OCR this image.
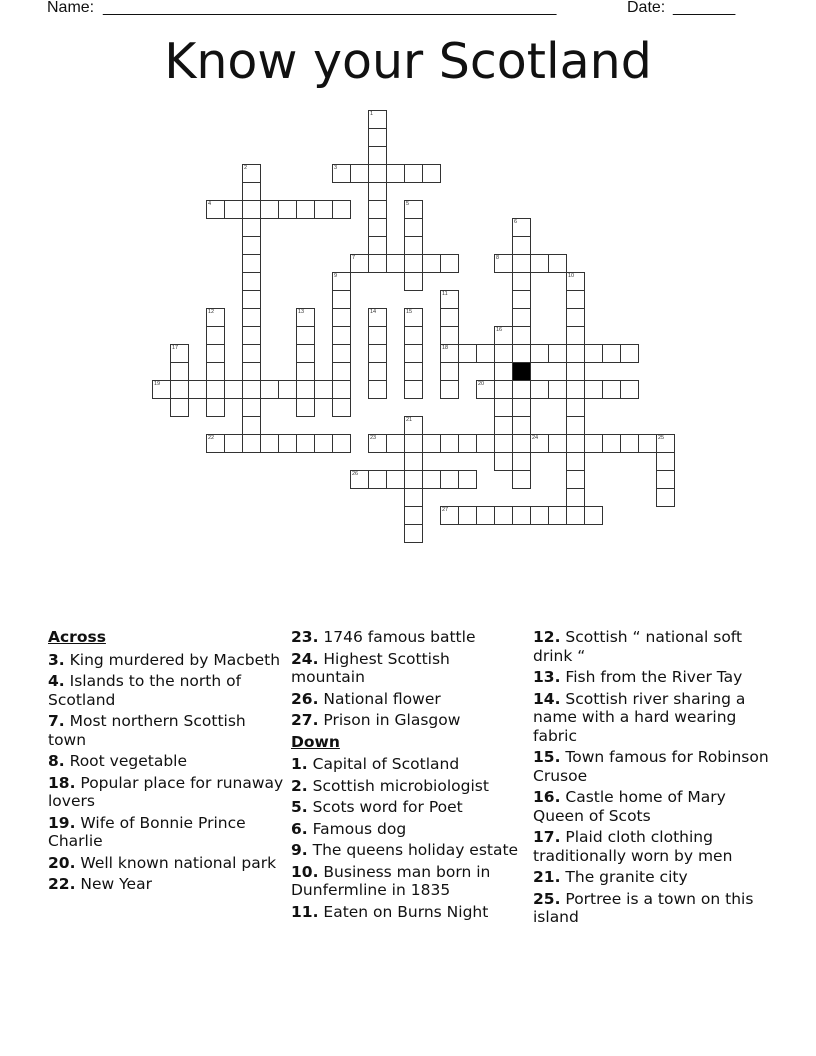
Name: _____________________________________________________	Date: _______
Know your Scotland
1
2	3
4	5
6
7	8
9	10
11
18
12	13	14	15
16
17
19	20
21
22	23	24	25
26
27
Across
3. King murdered by Macbeth
4. Islands to the north of Scotland
7. Most northern Scottish town
8. Root vegetable
18. Popular place for runaway lovers
19. Wife of Bonnie Prince Charlie
20. Well known national park
22. New Year
23. 1746 famous battle
24. Highest Scottish mountain
26. National flower
27. Prison in Glasgow
Down
1. Capital of Scotland
2. Scottish microbiologist
5. Scots word for Poet
6. Famous dog
9. The queens holiday estate
10. Business man born in Dunfermline in 1835
11. Eaten on Burns Night
12. Scottish “ national soft drink “
13. Fish from the River Tay
14. Scottish river sharing a name with a hard wearing fabric
15. Town famous for Robinson Crusoe
16. Castle home of Mary Queen of Scots
17. Plaid cloth clothing traditionally worn by men
21. The granite city
25. Portree is a town on this island
